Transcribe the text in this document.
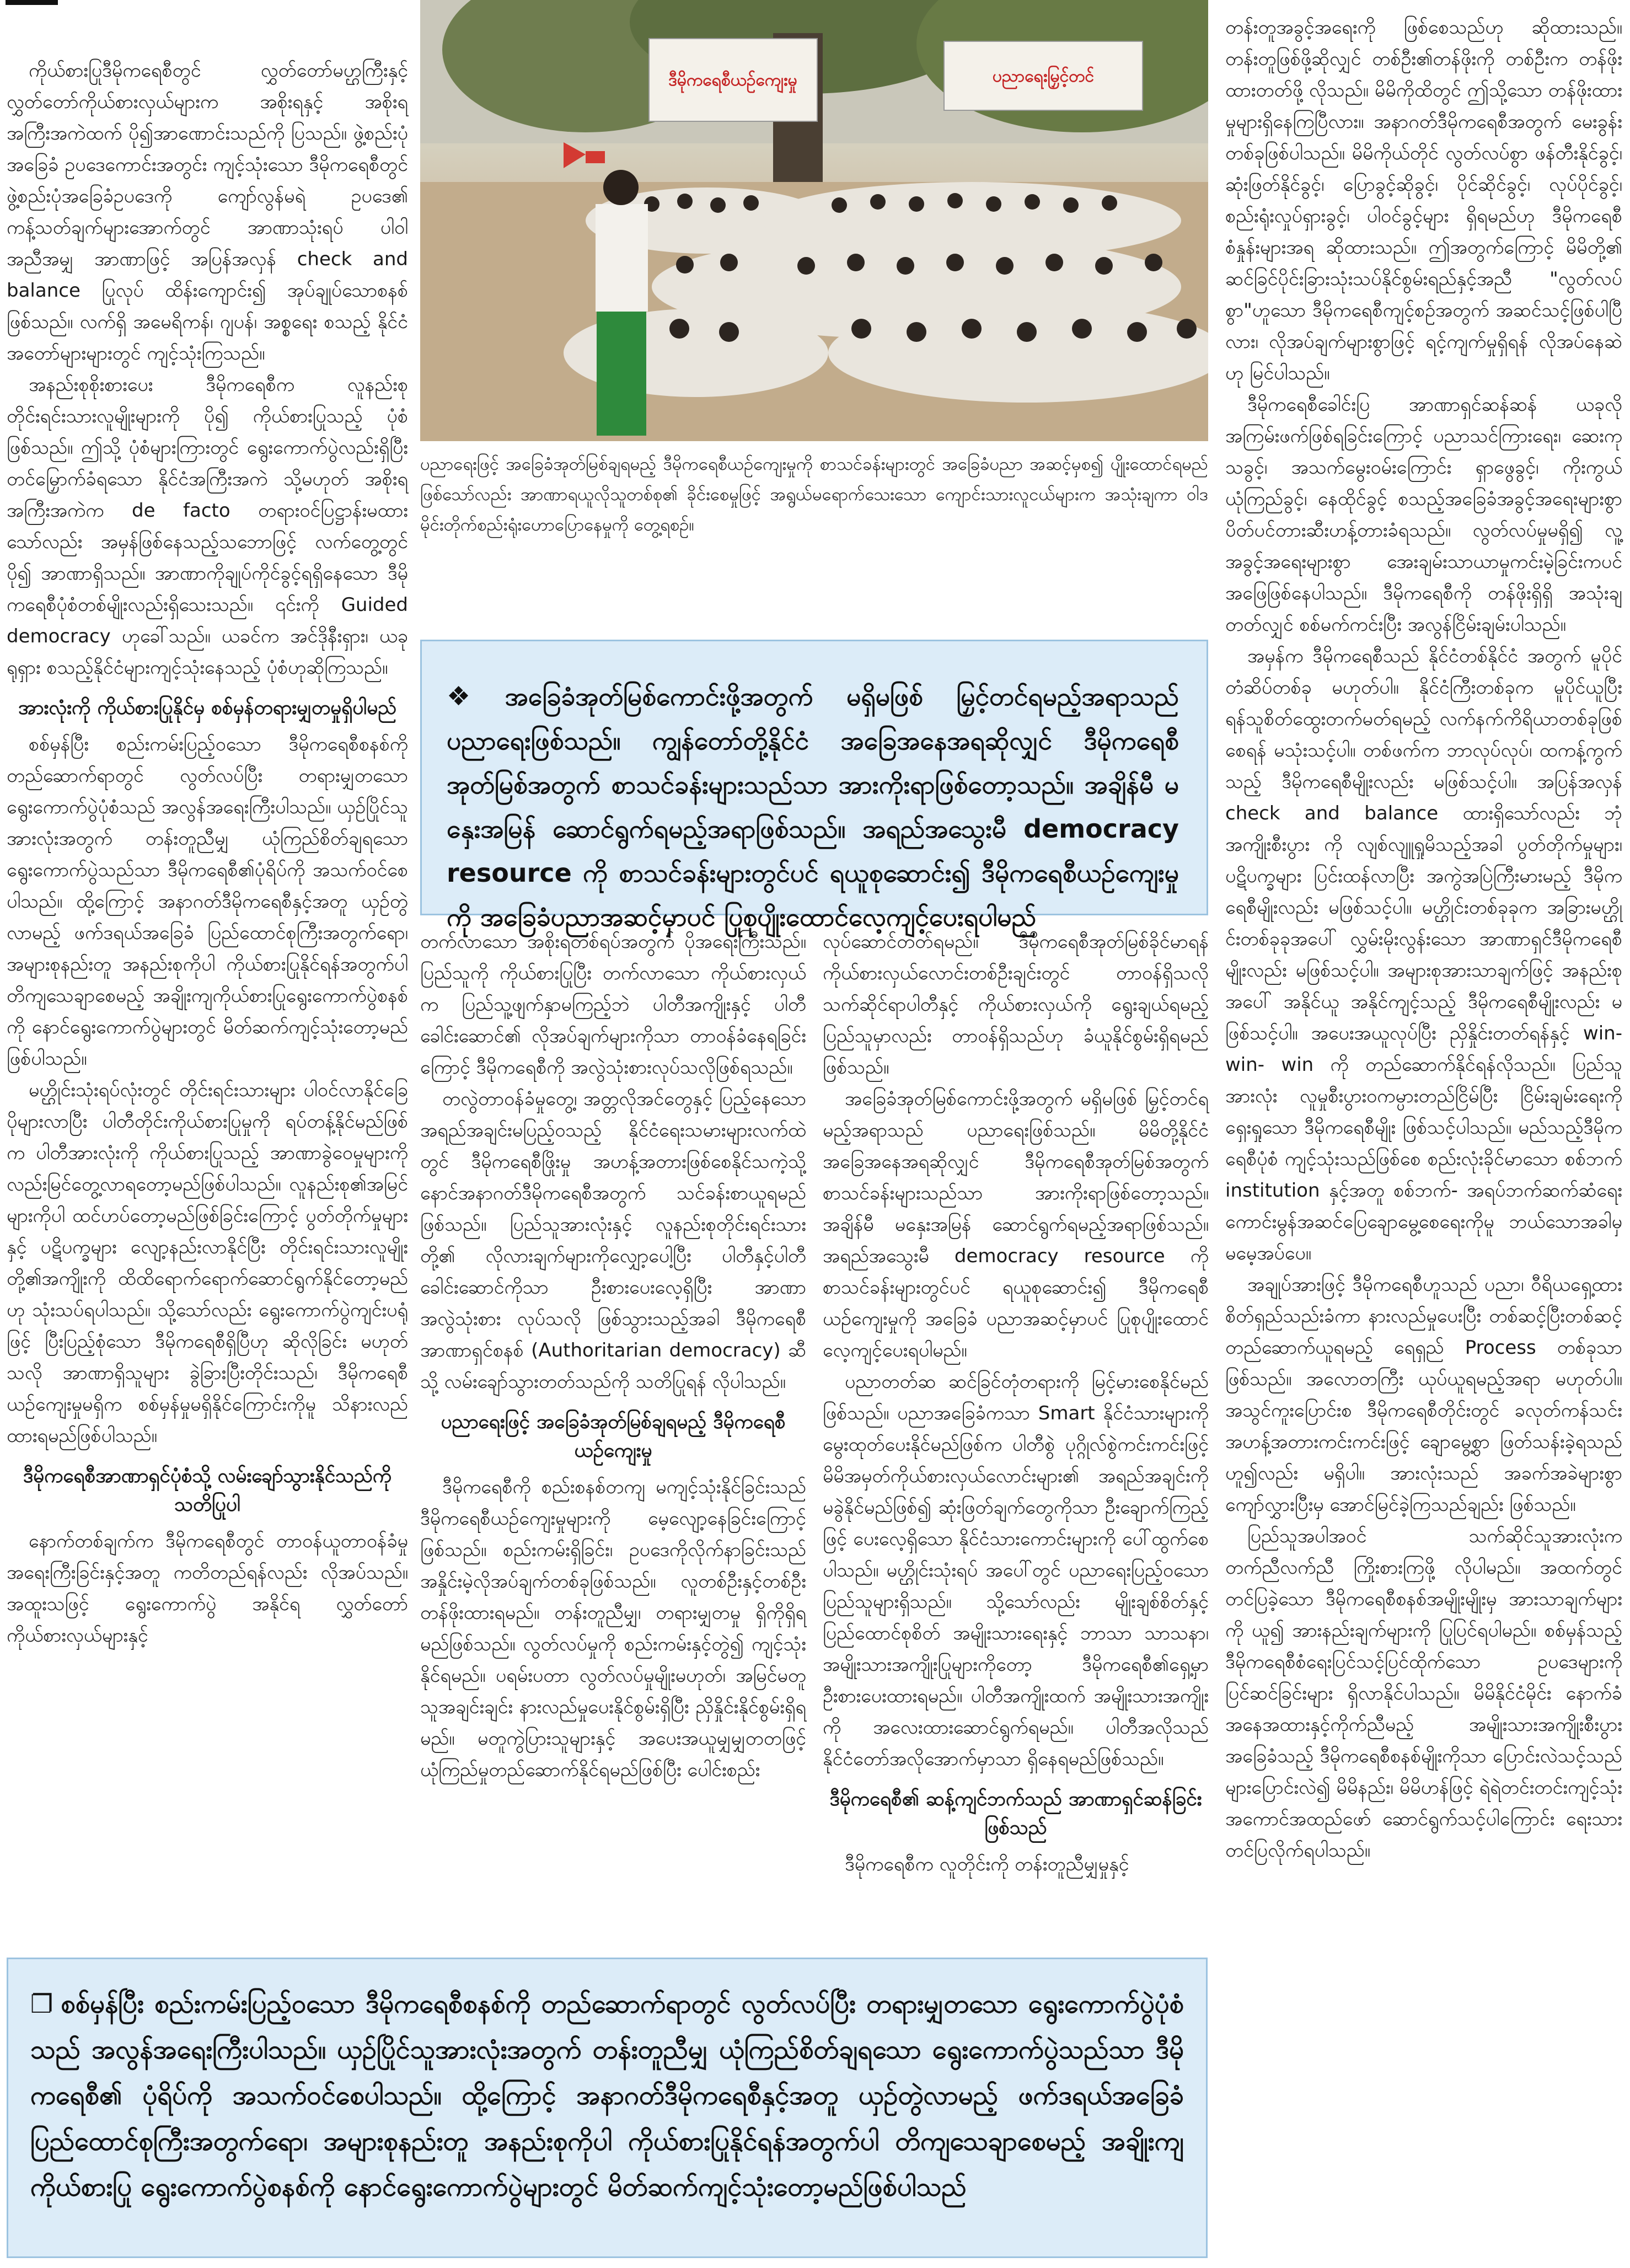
ကိုယ်စားပြုဒီမိုကရေစီတွင် လွှတ်တော်မဟ္ဌကြီးနှင့် လွှတ်တော်ကိုယ်စားလှယ်များက အစိုးရနှင့် အစိုးရအကြီးအကဲထက် ပို၍အာဏောင်းသည်ကို ပြသည်။ ဖွဲ့စည်းပုံအခြေခံ ဥပဒေကောင်းအတွင်း ကျင့်သုံးသော ဒီမိုကရေစီတွင် ဖွဲ့စည်းပုံအခြေခံဥပဒေကို ကျော်လွန်မရဲ ဥပဒေ၏ ကန့်သတ်ချက်များအောက်တွင် အာဏာသုံးရပ် ပါဝါအညီအမျှ အာဏာဖြင့် အပြန်အလှန် check and balance ပြုလုပ် ထိန်းကျောင်း၍ အုပ်ချုပ်သောစနစ်ဖြစ်သည်။ လက်ရှိ အမေရိကန်၊ ဂျပန်၊ အစ္စရေး စသည့် နိုင်ငံအတော်များများတွင် ကျင့်သုံးကြသည်။

အနည်းစုစိုးစားပေး ဒီမိုကရေစီက လူနည်းစု တိုင်းရင်းသားလူမျိုးများကို ပို၍ ကိုယ်စားပြုသည့် ပုံစံဖြစ်သည်။ ဤသို့ ပုံစံများကြားတွင် ရွေးကောက်ပွဲလည်းရှိပြီး တင်မြှောက်ခံရသော နိုင်ငံအကြီးအကဲ သို့မဟုတ် အစိုးရအကြီးအကဲက de facto တရားဝင်ပြဋ္ဌာန်းမထားသော်လည်း အမှန်ဖြစ်နေသည့်သဘောဖြင့် လက်တွေ့တွင် ပို၍ အာဏာရှိသည်။ အာဏာကိုချုပ်ကိုင်ခွင့်ရရှိနေသော ဒီမိုကရေစီပုံစံတစ်မျိုးလည်းရှိသေးသည်။ ၎င်းကို Guided democracy ဟုခေါ်သည်။ ယခင်က အင်ဒိုနီးရှား၊ ယခု ရုရှား စသည့်နိုင်ငံများကျင့်သုံးနေသည့် ပုံစံဟုဆိုကြသည်။

အားလုံးကို ကိုယ်စားပြုနိုင်မှ စစ်မှန်တရားမျှတမှုရှိပါမည်

စစ်မှန်ပြီး စည်းကမ်းပြည့်ဝသော ဒီမိုကရေစီစနစ်ကို တည်ဆောက်ရာတွင် လွတ်လပ်ပြီး တရားမျှတသော ရွေးကောက်ပွဲပုံစံသည် အလွန်အရေးကြီးပါသည်။ ယှဉ်ပြိုင်သူအားလုံးအတွက် တန်းတူညီမျှ ယုံကြည်စိတ်ချရသော ရွေးကောက်ပွဲသည်သာ ဒီမိုကရေစီ၏ပုံရိပ်ကို အသက်ဝင်စေပါသည်။ ထို့ကြောင့် အနာဂတ်ဒီမိုကရေစီနှင့်အတူ ယှဉ်တွဲလာမည့် ဖက်ဒရယ်အခြေခံ ပြည်ထောင်စုကြီးအတွက်ရော၊ အများစုနည်းတူ အနည်းစုကိုပါ ကိုယ်စားပြုနိုင်ရန်အတွက်ပါ တိကျသေချာစေမည့် အချိုးကျကိုယ်စားပြုရွေးကောက်ပွဲစနစ်ကို နောင်ရွေးကောက်ပွဲများတွင် မိတ်ဆက်ကျင့်သုံးတော့မည် ဖြစ်ပါသည်။

မဟ္ဌိုင်းသုံးရပ်လုံးတွင် တိုင်းရင်းသားများ ပါဝင်လာနိုင်ခြေပိုများလာပြီး ပါတီတိုင်းကိုယ်စားပြုမှုကို ရပ်တန့်နိုင်မည်ဖြစ်က ပါတီအားလုံးကို ကိုယ်စားပြုသည့် အာဏာခွဲဝေမှုများကိုလည်းမြင်တွေ့လာရတော့မည်ဖြစ်ပါသည်။ လူနည်းစု၏အမြင်များကိုပါ ထင်ဟပ်တော့မည်ဖြစ်ခြင်းကြောင့် ပွတ်တိုက်မှုများနှင့် ပဋိပက္ခများ လျော့နည်းလာနိုင်ပြီး တိုင်းရင်းသားလူမျိုးတို့၏အကျိုးကို ထိထိရောက်ရောက်ဆောင်ရွက်နိုင်တော့မည်ဟု သုံးသပ်ရပါသည်။ သို့သော်လည်း ရွေးကောက်ပွဲကျင်းပရုံဖြင့် ပြီးပြည့်စုံသော ဒီမိုကရေစီရှိပြီဟု ဆိုလိုခြင်း မဟုတ်သလို အာဏာရှိသူများ ခွဲခြားပြီးတိုင်းသည်၊ ဒီမိုကရေစီ ယဉ်ကျေးမှုမရှိက စစ်မှန်မှုမရှိနိုင်ကြောင်းကိုမူ သိနားလည်ထားရမည်ဖြစ်ပါသည်။

ဒီမိုကရေစီအာဏာရှင်ပုံစံသို့ လမ်းချော်သွားနိုင်သည်ကို သတိပြုပါ

နောက်တစ်ချက်က ဒီမိုကရေစီတွင် တာဝန်ယူတာဝန်ခံမှု အရေးကြီးခြင်းနှင့်အတူ ကတိတည်ရန်လည်း လိုအပ်သည်။ အထူးသဖြင့် ရွေးကောက်ပွဲ အနိုင်ရ လွှတ်တော်ကိုယ်စားလှယ်များနှင့်

ဒီမိုကရေစီယဉ်ကျေးမှု	ပညာရေးမြှင့်တင်
ပညာရေးဖြင့် အခြေခံအုတ်မြစ်ချရမည့် ဒီမိုကရေစီယဉ်ကျေးမှုကို စာသင်ခန်းများတွင် အခြေခံပညာ အဆင့်မှစ၍ ပျိုးထောင်ရမည်ဖြစ်သော်လည်း အာဏာရယူလိုသူတစ်စု၏ ခိုင်းစေမှုဖြင့် အရွယ်မရောက်သေးသော ကျောင်းသားလူငယ်များက အသုံးချကာ ဝါဒမိုင်းတိုက်စည်းရုံးဟောပြောနေမှုကို တွေ့ရစဉ်။
❖ အခြေခံအုတ်မြစ်ကောင်းဖို့အတွက် မရှိမဖြစ် မြှင့်တင်ရမည့်အရာသည် ပညာရေးဖြစ်သည်။ ကျွန်တော်တို့နိုင်ငံ အခြေအနေအရဆိုလျှင် ဒီမိုကရေစီအုတ်မြစ်အတွက် စာသင်ခန်းများသည်သာ အားကိုးရာဖြစ်တော့သည်။ အချိန်မီ မနှေးအမြန် ဆောင်ရွက်ရမည့်အရာဖြစ်သည်။ အရည်အသွေးမီ democracy resource ကို စာသင်ခန်းများတွင်ပင် ရယူစုဆောင်း၍ ဒီမိုကရေစီယဉ်ကျေးမှုကို အခြေခံပညာအဆင့်မှာပင် ပြုစုပျိုးထောင်လေ့ကျင့်ပေးရပါမည်

တက်လာသော အစိုးရတစ်ရပ်အတွက် ပိုအရေးကြီးသည်။ ပြည်သူကို ကိုယ်စားပြုပြီး တက်လာသော ကိုယ်စားလှယ်က ပြည်သူ့ဖျက်နှာမကြည့်ဘဲ ပါတီအကျိုးနှင့် ပါတီခေါင်းဆောင်၏ လိုအပ်ချက်များကိုသာ တာဝန်ခံနေရခြင်းကြောင့် ဒီမိုကရေစီကို အလွဲသုံးစားလုပ်သလိုဖြစ်ရသည်။

တလွဲတာဝန်ခံမှုတွေ့၊ အတ္တလိုအင်တွေနှင့် ပြည့်နေသော အရည်အချင်းမပြည့်ဝသည့် နိုင်ငံရေးသမားများလက်ထဲတွင် ဒီမိုကရေစီဖြိုးမှု အဟန့်အတားဖြစ်စေနိုင်သကဲ့သို့ နောင်အနာဂတ်ဒီမိုကရေစီအတွက် သင်ခန်းစာယူရမည်ဖြစ်သည်။ ပြည်သူအားလုံးနှင့် လူနည်းစုတိုင်းရင်းသားတို့၏ လိုလားချက်များကိုလျှော့ပေါ့ပြီး ပါတီနှင့်ပါတီခေါင်းဆောင်ကိုသာ ဦးစားပေးလေ့ရှိပြီး အာဏာအလွဲသုံးစား လုပ်သလို ဖြစ်သွားသည့်အခါ ဒီမိုကရေစီအာဏာရှင်စနစ် (Authoritarian democracy) ဆီသို့ လမ်းချော်သွားတတ်သည်ကို သတိပြုရန် လိုပါသည်။

ပညာရေးဖြင့် အခြေခံအုတ်မြစ်ချရမည့် ဒီမိုကရေစီယဉ်ကျေးမှု

ဒီမိုကရေစီကို စည်းစနစ်တကျ မကျင့်သုံးနိုင်ခြင်းသည် ဒီမိုကရေစီယဉ်ကျေးမှုများကို မေ့လျော့နေခြင်းကြောင့်ဖြစ်သည်။ စည်းကမ်းရှိခြင်း၊ ဥပဒေကိုလိုက်နာခြင်းသည် အနှိုင်းမဲ့လိုအပ်ချက်တစ်ခုဖြစ်သည်။ လူတစ်ဦးနှင့်တစ်ဦး တန်ဖိုးထားရမည်။ တန်းတူညီမျှ၊ တရားမျှတမှု ရှိကိုရှိရမည်ဖြစ်သည်။ လွတ်လပ်မှုကို စည်းကမ်းနှင့်တွဲ၍ ကျင့်သုံးနိုင်ရမည်။ ပရမ်းပတာ လွတ်လပ်မှုမျိုးမဟုတ်၊ အမြင်မတူသူအချင်းချင်း နားလည်မှုပေးနိုင်စွမ်းရှိပြီး ညှိနှိုင်းနိုင်စွမ်းရှိရမည်။ မတူကွဲပြားသူများနှင့် အပေးအယူမျှမျှတတဖြင့် ယုံကြည်မှုတည်ဆောက်နိုင်ရမည်ဖြစ်ပြီး ပေါင်းစည်း

လုပ်ဆောင်တတ်ရမည်။ ဒီမိုကရေစီအုတ်မြစ်ခိုင်မာရန် ကိုယ်စားလှယ်လောင်းတစ်ဦးချင်းတွင် တာဝန်ရှိသလို သက်ဆိုင်ရာပါတီနှင့် ကိုယ်စားလှယ်ကို ရွေးချယ်ရမည့် ပြည်သူမှာလည်း တာဝန်ရှိသည်ဟု ခံယူနိုင်စွမ်းရှိရမည်ဖြစ်သည်။

အခြေခံအုတ်မြစ်ကောင်းဖို့အတွက် မရှိမဖြစ် မြှင့်တင်ရမည့်အရာသည် ပညာရေးဖြစ်သည်။ မိမိတို့နိုင်ငံ အခြေအနေအရဆိုလျှင် ဒီမိုကရေစီအုတ်မြစ်အတွက် စာသင်ခန်းများသည်သာ အားကိုးရာဖြစ်တော့သည်။ အချိန်မီ မနှေးအမြန် ဆောင်ရွက်ရမည့်အရာဖြစ်သည်။ အရည်အသွေးမီ democracy resource ကို စာသင်ခန်းများတွင်ပင် ရယူစုဆောင်း၍ ဒီမိုကရေစီယဉ်ကျေးမှုကို အခြေခံ ပညာအဆင့်မှာပင် ပြုစုပျိုးထောင်လေ့ကျင့်ပေးရပါမည်။

ပညာတတ်ဆ ဆင်ခြင်တုံတရားကို မြင့်မားစေနိုင်မည်ဖြစ်သည်။ ပညာအခြေခံကသာ Smart နိုင်ငံသားများကို မွေးထုတ်ပေးနိုင်မည်ဖြစ်က ပါတီစွဲ ပုဂ္ဂိုလ်စွဲကင်းကင်းဖြင့် မိမိအမှတ်ကိုယ်စားလှယ်လောင်းများ၏ အရည်အချင်းကို မခွဲနိုင်မည်ဖြစ်၍ ဆုံးဖြတ်ချက်တွေကိုသာ ဦးချောက်ကြည့်ဖြင့် ပေးလေ့ရှိသော နိုင်ငံသားကောင်းများကို ပေါ်ထွက်စေပါသည်။ မဟ္ဌိုင်းသုံးရပ် အပေါ်တွင် ပညာရေးပြည့်ဝသော ပြည်သူများရှိသည်။ သို့သော်လည်း မျိုးချစ်စိတ်နှင့် ပြည်ထောင်စုစိတ် အမျိုးသားရေးနှင့် ဘာသာ သာသနာ၊ အမျိုးသားအကျိုးပြုများကိုတော့ ဒီမိုကရေစီ၏ရှေ့မှာ ဦးစားပေးထားရမည်။ ပါတီအကျိုးထက် အမျိုးသားအကျိုးကို အလေးထားဆောင်ရွက်ရမည်။ ပါတီအလိုသည် နိုင်ငံတော်အလိုအောက်မှာသာ ရှိနေရမည်ဖြစ်သည်။

ဒီမိုကရေစီ၏ ဆန့်ကျင်ဘက်သည် အာဏာရှင်ဆန်ခြင်းဖြစ်သည်

ဒီမိုကရေစီက လူတိုင်းကို တန်းတူညီမျှမှုနှင့်

တန်းတူအခွင့်အရေးကို ဖြစ်စေသည်ဟု ဆိုထားသည်။ တန်းတူဖြစ်ဖို့ဆိုလျှင် တစ်ဦး၏တန်ဖိုးကို တစ်ဦးက တန်ဖိုးထားတတ်ဖို့ လိုသည်။ မိမိကိုထိတွင် ဤသို့သော တန်ဖိုးထားမှုများရှိနေကြပြီလား။ အနာဂတ်ဒီမိုကရေစီအတွက် မေးခွန်းတစ်ခုဖြစ်ပါသည်။ မိမိကိုယ်တိုင် လွတ်လပ်စွာ ဖန်တီးနိုင်ခွင့်၊ ဆုံးဖြတ်နိုင်ခွင့်၊ ပြောခွင့်ဆိုခွင့်၊ ပိုင်ဆိုင်ခွင့်၊ လုပ်ပိုင်ခွင့်၊ စည်းရုံးလှုပ်ရှားခွင့်၊ ပါဝင်ခွင့်များ ရှိရမည်ဟု ဒီမိုကရေစီစံနှုန်းများအရ ဆိုထားသည်။ ဤအတွက်ကြောင့် မိမိတို့၏ ဆင်ခြင်ပိုင်းခြားသုံးသပ်နိုင်စွမ်းရည်နှင့်အညီ "လွတ်လပ်စွာ"ဟူသော ဒီမိုကရေစီကျင့်စဉ်အတွက် အဆင်သင့်ဖြစ်ပါပြီလား၊ လိုအပ်ချက်များစွာဖြင့် ရင့်ကျက်မှုရှိရန် လိုအပ်နေဆဲဟု မြင်ပါသည်။

ဒီမိုကရေစီခေါင်းပြ အာဏာရှင်ဆန်ဆန် ယခုလို အကြမ်းဖက်ဖြစ်ရခြင်းကြောင့် ပညာသင်ကြားရေး၊ ဆေးကုသခွင့်၊ အသက်မွေးဝမ်းကြောင်း ရှာဖွေခွင့်၊ ကိုးကွယ်ယုံကြည်ခွင့်၊ နေထိုင်ခွင့် စသည့်အခြေခံအခွင့်အရေးများစွာ ပိတ်ပင်တားဆီးဟန့်တားခံရသည်။ လွတ်လပ်မှုမရှိ၍ လူ့အခွင့်အရေးများစွာ အေးချမ်းသာယာမှုကင်းမဲ့ခြင်းကပင် အဖြေဖြစ်နေပါသည်။ ဒီမိုကရေစီကို တန်ဖိုးရှိရှိ အသုံးချတတ်လျှင် စစ်မက်ကင်းပြီး အလွန်ငြိမ်းချမ်းပါသည်။

အမှန်က ဒီမိုကရေစီသည် နိုင်ငံတစ်နိုင်ငံ အတွက် မူပိုင်တံဆိပ်တစ်ခု မဟုတ်ပါ။ နိုင်ငံကြီးတစ်ခုက မူပိုင်ယူပြီး ရန်သူစိတ်ထွေးတက်မတ်ရမည့် လက်နက်ကိရိယာတစ်ခုဖြစ်စေရန် မသုံးသင့်ပါ။ တစ်ဖက်က ဘာလုပ်လုပ်၊ ထကန့်ကွက်သည့် ဒီမိုကရေစီမျိုးလည်း မဖြစ်သင့်ပါ။ အပြန်အလှန် check and balance ထားရှိသော်လည်း ဘုံအကျိုးစီးပွား ကို လျစ်လျူရှုမိသည့်အခါ ပွတ်တိုက်မှုများ၊ ပဋိပက္ခများ ပြင်းထန်လာပြီး အကွဲအပြဲကြီးမားမည့် ဒီမိုကရေစီမျိုးလည်း မဖြစ်သင့်ပါ။ မဟ္ဌိုင်းတစ်ခုခုက အခြားမဟ္ဌိုင်းတစ်ခုခုအပေါ် လွှမ်းမိုးလွန်းသော အာဏာရှင်ဒီမိုကရေစီမျိုးလည်း မဖြစ်သင့်ပါ။ အများစုအားသာချက်ဖြင့် အနည်းစုအပေါ် အနိုင်ယူ အနိုင်ကျင့်သည့် ဒီမိုကရေစီမျိုးလည်း မဖြစ်သင့်ပါ။ အပေးအယူလုပ်ပြီး ညှိနှိုင်းတတ်ရန်နှင့် win- win- win ကို တည်ဆောက်နိုင်ရန်လိုသည်။ ပြည်သူအားလုံး လူမှုစီးပွားဝကမ္ပားတည်ငြိမ်ပြီး ငြိမ်းချမ်းရေးကိုရှေးရှုသော ဒီမိုကရေစီမျိုး ဖြစ်သင့်ပါသည်။ မည်သည့်ဒီမိုကရေစီပုံစံ ကျင့်သုံးသည်ဖြစ်စေ စည်းလုံးခိုင်မာသော စစ်ဘက် institution နှင့်အတူ စစ်ဘက်- အရပ်ဘက်ဆက်ဆံရေး ကောင်းမွန်အဆင်ပြေချောမွေ့စေရေးကိုမူ ဘယ်သောအခါမှ မမေ့အပ်ပေ။

အချုပ်အားဖြင့် ဒီမိုကရေစီဟူသည် ပညာ၊ ဝီရိယရှေ့ထား စိတ်ရှည်သည်းခံကာ နားလည်မှုပေးပြီး တစ်ဆင့်ပြီးတစ်ဆင့် တည်ဆောက်ယူရမည့် ရေရှည် Process တစ်ခုသာဖြစ်သည်။ အလောတကြီး ယုပ်ယူရမည့်အရာ မဟုတ်ပါ။ အသွင်ကူးပြောင်းစ ဒီမိုကရေစီတိုင်းတွင် ခလုတ်ကန်သင်း အဟန့်အတားကင်းကင်းဖြင့် ချောမွေ့စွာ ဖြတ်သန်းခဲ့ရသည်ဟူ၍လည်း မရှိပါ။ အားလုံးသည် အခက်အခဲများစွာ ကျော်လွှားပြီးမှ အောင်မြင်ခဲ့ကြသည်ချည်း ဖြစ်သည်။

ပြည်သူအပါအဝင် သက်ဆိုင်သူအားလုံးက တက်ညီလက်ညီ ကြိုးစားကြဖို့ လိုပါမည်။ အထက်တွင် တင်ပြခဲ့သော ဒီမိုကရေစီစနစ်အမျိုးမျိုးမှ အားသာချက်များကို ယူ၍ အားနည်းချက်များကို ပြုပြင်ရပါမည်။ စစ်မှန်သည့် ဒီမိုကရေစီစံရေးပြင်သင့်ပြင်ထိုက်သော ဥပဒေများကို ပြင်ဆင်ခြင်းများ ရှိလာနိုင်ပါသည်။ မိမိနိုင်ငံမိုင်း နောက်ခံအနေအထားနှင့်ကိုက်ညီမည့် အမျိုးသားအကျိုးစီးပွား အခြေခံသည့် ဒီမိုကရေစီစနစ်မျိုးကိုသာ ပြောင်းလဲသင့်သည်များပြောင်းလဲ၍ မိမိနည်း၊ မိမိဟန်ဖြင့် ရဲရဲတင်းတင်းကျင့်သုံး အကောင်အထည်ဖော် ဆောင်ရွက်သင့်ပါကြောင်း ရေးသားတင်ပြလိုက်ရပါသည်။

❐ စစ်မှန်ပြီး စည်းကမ်းပြည့်ဝသော ဒီမိုကရေစီစနစ်ကို တည်ဆောက်ရာတွင် လွတ်လပ်ပြီး တရားမျှတသော ရွေးကောက်ပွဲပုံစံသည် အလွန်အရေးကြီးပါသည်။ ယှဉ်ပြိုင်သူအားလုံးအတွက် တန်းတူညီမျှ ယုံကြည်စိတ်ချရသော ရွေးကောက်ပွဲသည်သာ ဒီမိုကရေစီ၏ ပုံရိပ်ကို အသက်ဝင်စေပါသည်။ ထို့ကြောင့် အနာဂတ်ဒီမိုကရေစီနှင့်အတူ ယှဉ်တွဲလာမည့် ဖက်ဒရယ်အခြေခံ ပြည်ထောင်စုကြီးအတွက်ရော၊ အများစုနည်းတူ အနည်းစုကိုပါ ကိုယ်စားပြုနိုင်ရန်အတွက်ပါ တိကျသေချာစေမည့် အချိုးကျကိုယ်စားပြု ရွေးကောက်ပွဲစနစ်ကို နောင်ရွေးကောက်ပွဲများတွင် မိတ်ဆက်ကျင့်သုံးတော့မည်ဖြစ်ပါသည်
